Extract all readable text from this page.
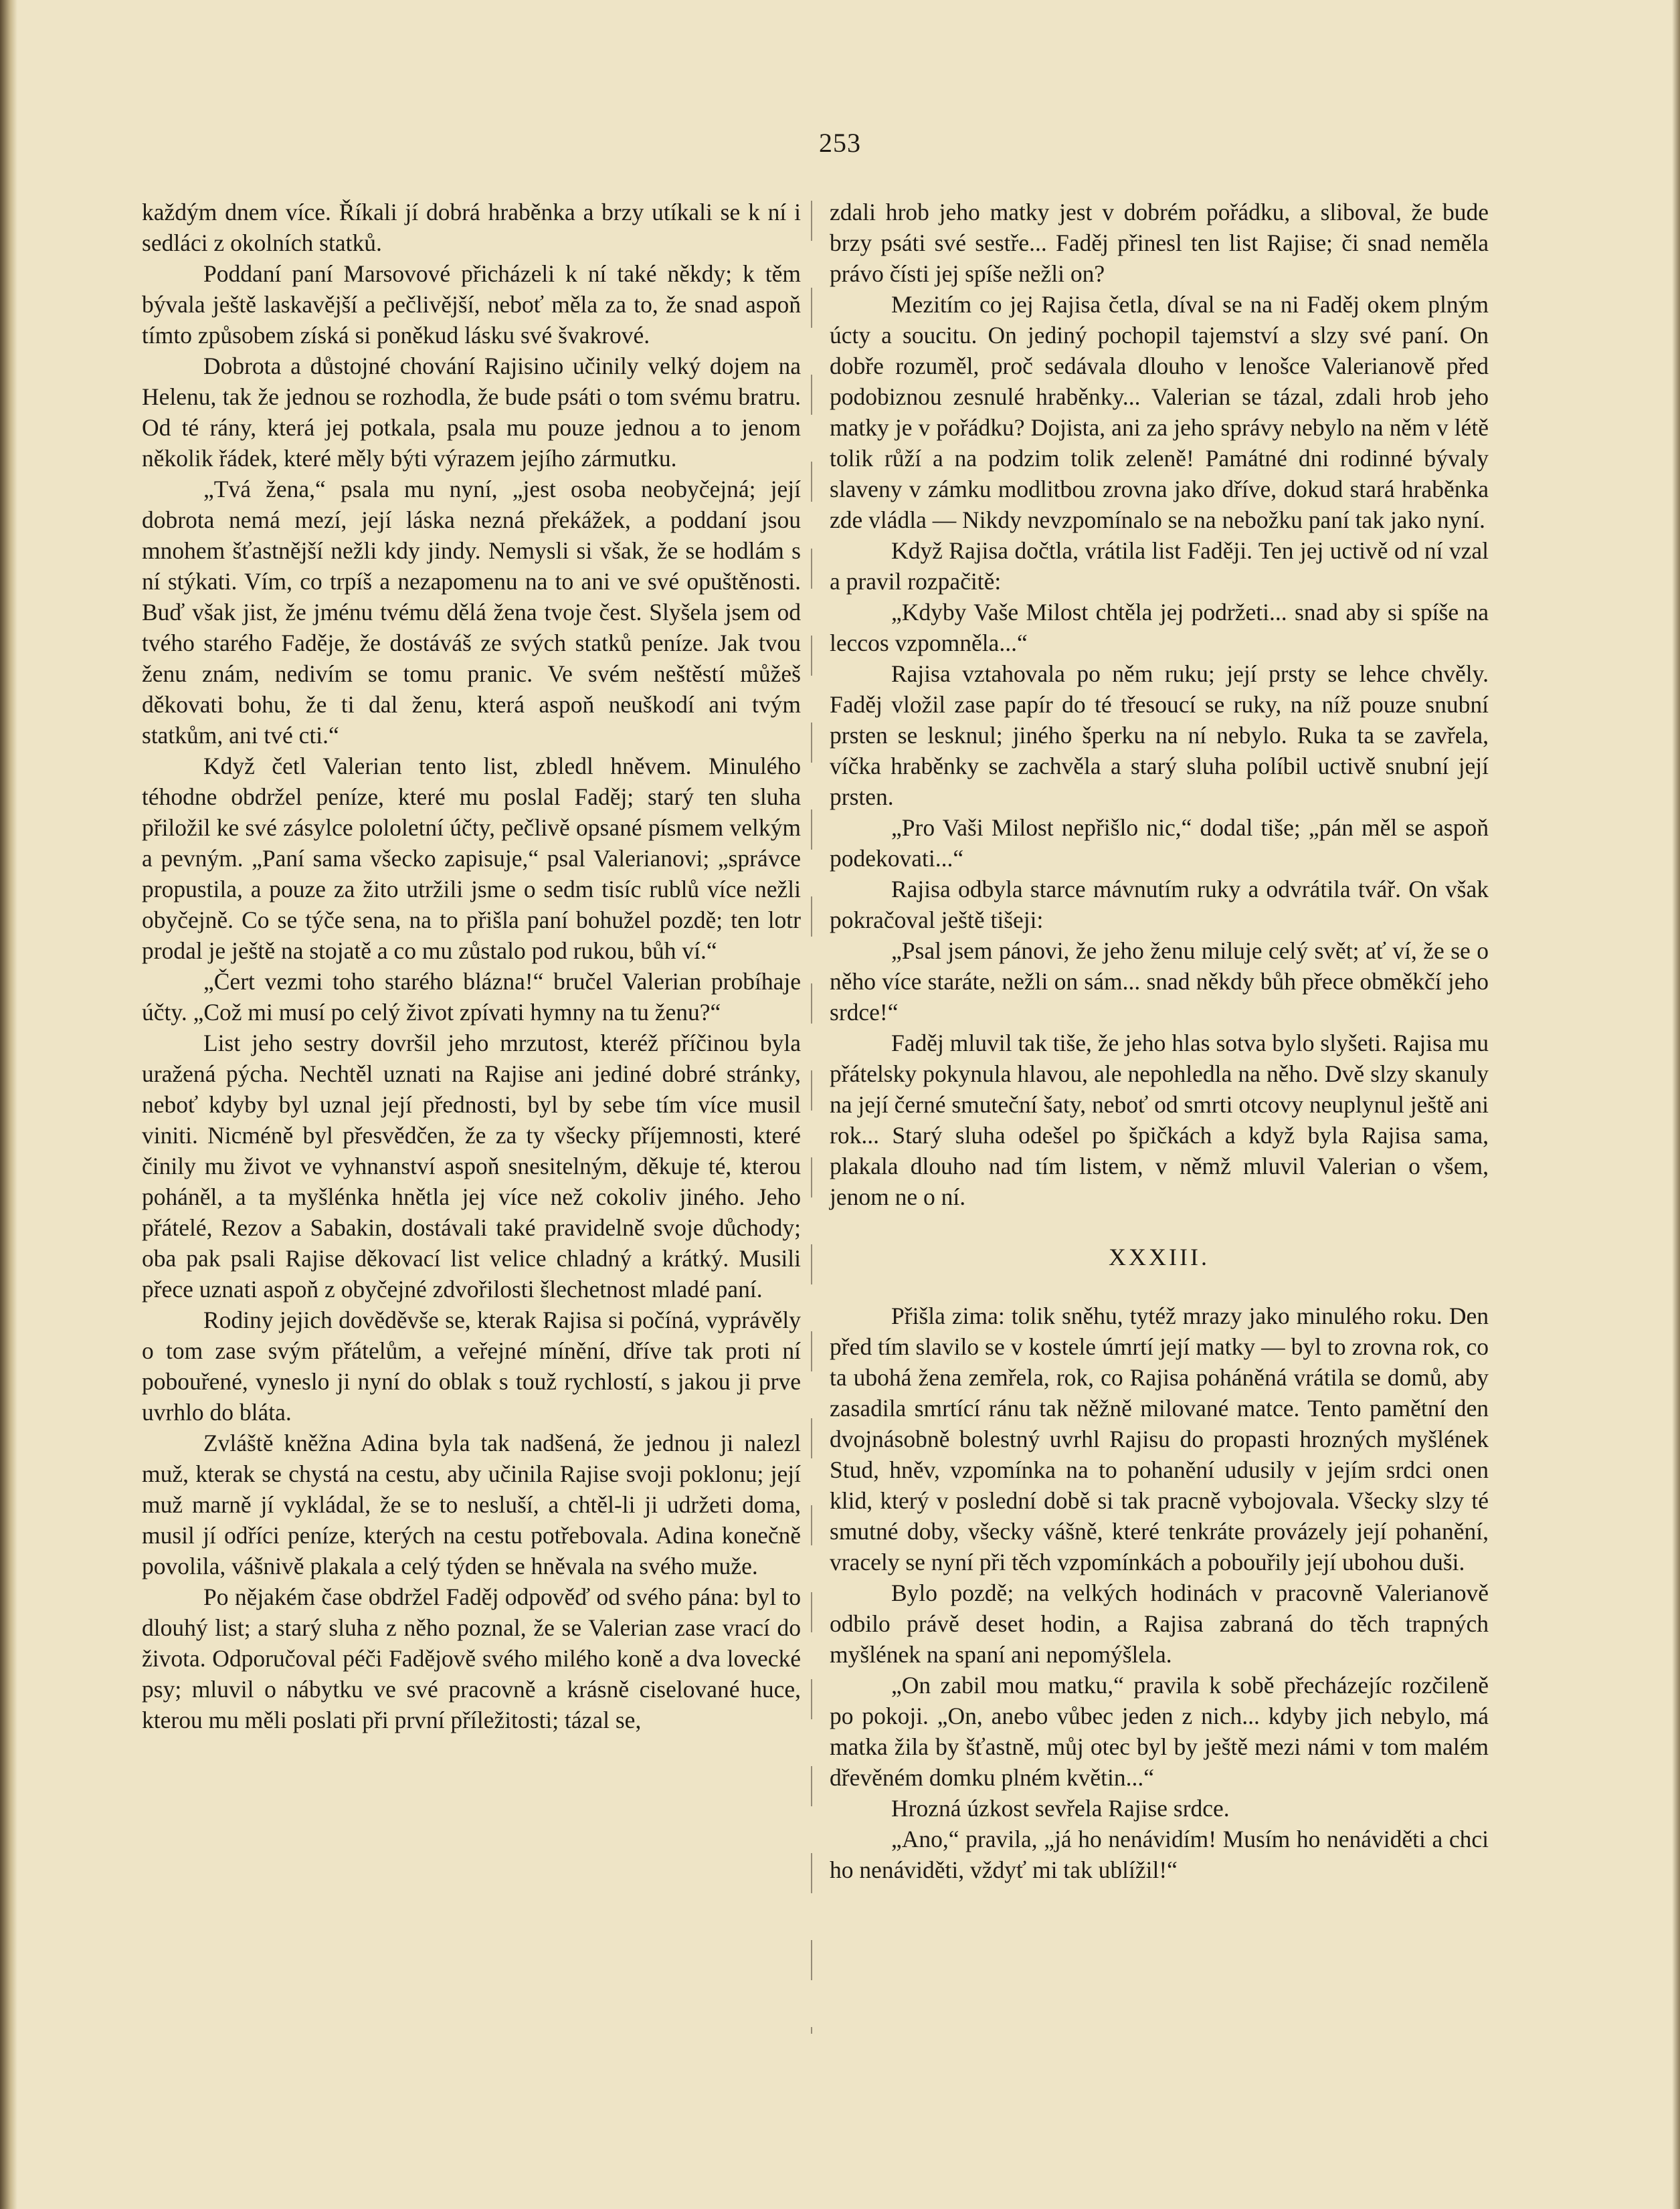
253

každým dnem více. Říkali jí dobrá hraběnka a brzy utíkali se k ní i sedláci z okolních statků.

Poddaní paní Marsovové přicházeli k ní také někdy; k těm bývala ještě laskavější a pečlivější, neboť měla za to, že snad aspoň tímto způsobem získá si poněkud lásku své švakrové.

Dobrota a důstojné chování Rajisino učinily velký dojem na Helenu, tak že jednou se rozhodla, že bude psáti o tom svému bratru. Od té rány, která jej potkala, psala mu pouze jednou a to jenom několik řádek, které měly býti výrazem jejího zármutku.

„Tvá žena,“ psala mu nyní, „jest osoba neobyčejná; její dobrota nemá mezí, její láska nezná překážek, a poddaní jsou mnohem šťastnější nežli kdy jindy. Nemysli si však, že se hodlám s ní stýkati. Vím, co trpíš a nezapomenu na to ani ve své opuštěnosti. Buď však jist, že jménu tvému dělá žena tvoje čest. Slyšela jsem od tvého starého Faděje, že dostáváš ze svých statků peníze. Jak tvou ženu znám, nedivím se tomu pranic. Ve svém neštěstí můžeš děkovati bohu, že ti dal ženu, která aspoň neuškodí ani tvým statkům, ani tvé cti.“

Když četl Valerian tento list, zbledl hněvem. Minulého téhodne obdržel peníze, které mu poslal Faděj; starý ten sluha přiložil ke své zásylce pololetní účty, pečlivě opsané písmem velkým a pevným. „Paní sama všecko zapisuje,“ psal Valerianovi; „správce propustila, a pouze za žito utržili jsme o sedm tisíc rublů více nežli obyčejně. Co se týče sena, na to přišla paní bohužel pozdě; ten lotr prodal je ještě na stojatě a co mu zůstalo pod rukou, bůh ví.“

„Čert vezmi toho starého blázna!“ bručel Valerian probíhaje účty. „Což mi musí po celý život zpívati hymny na tu ženu?“

List jeho sestry dovršil jeho mrzutost, kteréž příčinou byla uražená pýcha. Nechtěl uznati na Rajise ani jediné dobré stránky, neboť kdyby byl uznal její přednosti, byl by sebe tím více musil viniti. Nicméně byl přesvědčen, že za ty všecky příjemnosti, které činily mu život ve vyhnanství aspoň snesitelným, děkuje té, kterou poháněl, a ta myšlénka hnětla jej více než cokoliv jiného. Jeho přátelé, Rezov a Sabakin, dostávali také pravidelně svoje důchody; oba pak psali Rajise děkovací list velice chladný a krátký. Musili přece uznati aspoň z obyčejné zdvořilosti šlechetnost mladé paní.

Rodiny jejich dověděvše se, kterak Rajisa si počíná, vyprávěly o tom zase svým přátelům, a veřejné mínění, dříve tak proti ní pobouřené, vyneslo ji nyní do oblak s touž rychlostí, s jakou ji prve uvrhlo do bláta.

Zvláště kněžna Adina byla tak nadšená, že jednou ji nalezl muž, kterak se chystá na cestu, aby učinila Rajise svoji poklonu; její muž marně jí vykládal, že se to nesluší, a chtěl-li ji udržeti doma, musil jí odříci peníze, kterých na cestu potřebovala. Adina konečně povolila, vášnivě plakala a celý týden se hněvala na svého muže.

Po nějakém čase obdržel Faděj odpověď od svého pána: byl to dlouhý list; a starý sluha z něho poznal, že se Valerian zase vrací do života. Odporučoval péči Fadějově svého milého koně a dva lovecké psy; mluvil o nábytku ve své pracovně a krásně ciselované huce, kterou mu měli poslati při první příležitosti; tázal se,

zdali hrob jeho matky jest v dobrém pořádku, a sliboval, že bude brzy psáti své sestře... Faděj přinesl ten list Rajise; či snad neměla právo čísti jej spíše nežli on?

Mezitím co jej Rajisa četla, díval se na ni Faděj okem plným úcty a soucitu. On jediný pochopil tajemství a slzy své paní. On dobře rozuměl, proč sedávala dlouho v lenošce Valerianově před podobiznou zesnulé hraběnky... Valerian se tázal, zdali hrob jeho matky je v pořádku? Dojista, ani za jeho správy nebylo na něm v létě tolik růží a na podzim tolik zeleně! Památné dni rodinné bývaly slaveny v zámku modlitbou zrovna jako dříve, dokud stará hraběnka zde vládla — Nikdy nevzpomínalo se na nebožku paní tak jako nyní.

Když Rajisa dočtla, vrátila list Faději. Ten jej uctivě od ní vzal a pravil rozpačitě:

„Kdyby Vaše Milost chtěla jej podržeti... snad aby si spíše na leccos vzpomněla...“

Rajisa vztahovala po něm ruku; její prsty se lehce chvěly. Faděj vložil zase papír do té třesoucí se ruky, na níž pouze snubní prsten se lesknul; jiného šperku na ní nebylo. Ruka ta se zavřela, víčka hraběnky se zachvěla a starý sluha políbil uctivě snubní její prsten.

„Pro Vaši Milost nepřišlo nic,“ dodal tiše; „pán měl se aspoň podekovati...“

Rajisa odbyla starce mávnutím ruky a odvrátila tvář. On však pokračoval ještě tišeji:

„Psal jsem pánovi, že jeho ženu miluje celý svět; ať ví, že se o něho více staráte, nežli on sám... snad někdy bůh přece obměkčí jeho srdce!“

Faděj mluvil tak tiše, že jeho hlas sotva bylo slyšeti. Rajisa mu přátelsky pokynula hlavou, ale nepohledla na něho. Dvě slzy skanuly na její černé smuteční šaty, neboť od smrti otcovy neuplynul ještě ani rok... Starý sluha odešel po špičkách a když byla Rajisa sama, plakala dlouho nad tím listem, v němž mluvil Valerian o všem, jenom ne o ní.

XXXIII.

Přišla zima: tolik sněhu, tytéž mrazy jako minulého roku. Den před tím slavilo se v kostele úmrtí její matky — byl to zrovna rok, co ta ubohá žena zemřela, rok, co Rajisa poháněná vrátila se domů, aby zasadila smrtící ránu tak něžně milované matce. Tento pamětní den dvojnásobně bolestný uvrhl Rajisu do propasti hrozných myšlének Stud, hněv, vzpomínka na to pohanění udusily v jejím srdci onen klid, který v poslední době si tak pracně vybojovala. Všecky slzy té smutné doby, všecky vášně, které tenkráte provázely její pohanění, vracely se nyní při těch vzpomínkách a pobouřily její ubohou duši.

Bylo pozdě; na velkých hodinách v pracovně Valerianově odbilo právě deset hodin, a Rajisa zabraná do těch trapných myšlének na spaní ani nepomýšlela.

„On zabil mou matku,“ pravila k sobě přecházejíc rozčileně po pokoji. „On, anebo vůbec jeden z nich... kdyby jich nebylo, má matka žila by šťastně, můj otec byl by ještě mezi námi v tom malém dřevěném domku plném květin...“

Hrozná úzkost sevřela Rajise srdce.

„Ano,“ pravila, „já ho nenávidím! Musím ho nenáviděti a chci ho nenáviděti, vždyť mi tak ublížil!“
